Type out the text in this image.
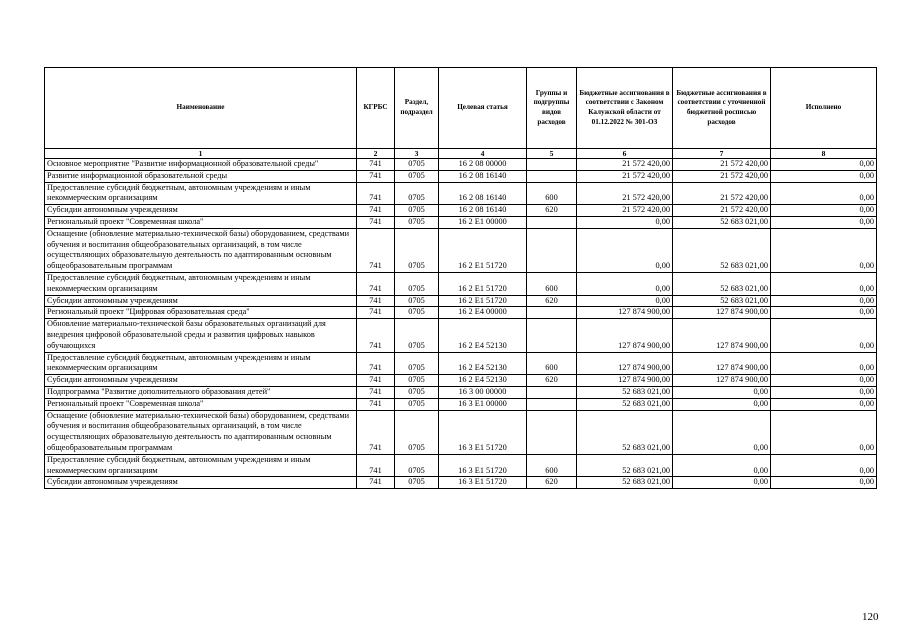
Наименование	КГРБС	Раздел, подраздел	Целевая статья	Группы и подгруппы видов расходов	Бюджетные ассигнования в соответствии с Законом Калужской области от 01.12.2022 № 301-ОЗ	Бюджетные ассигнования в соответствии с уточненной бюджетной росписью расходов	Исполнено
1	2	3	4	5	6	7	8
Основное мероприятие "Развитие информационной образовательной среды"	741	0705	16 2 08 00000		21 572 420,00	21 572 420,00	0,00
Развитие информационной образовательной среды	741	0705	16 2 08 16140		21 572 420,00	21 572 420,00	0,00
Предоставление субсидий бюджетным, автономным учреждениям и иным некоммерческим организациям	741	0705	16 2 08 16140	600	21 572 420,00	21 572 420,00	0,00
Субсидии автономным учреждениям	741	0705	16 2 08 16140	620	21 572 420,00	21 572 420,00	0,00
Региональный проект "Современная школа"	741	0705	16 2 E1 00000		0,00	52 683 021,00	0,00
Оснащение (обновление материально-технической базы) оборудованием, средствами обучения и воспитания общеобразовательных организаций, в том числе осуществляющих образовательную деятельность по адаптированным основным общеобразовательным программам	741	0705	16 2 E1 51720		0,00	52 683 021,00	0,00
Предоставление субсидий бюджетным, автономным учреждениям и иным некоммерческим организациям	741	0705	16 2 E1 51720	600	0,00	52 683 021,00	0,00
Субсидии автономным учреждениям	741	0705	16 2 E1 51720	620	0,00	52 683 021,00	0,00
Региональный проект "Цифровая образовательная среда"	741	0705	16 2 E4 00000		127 874 900,00	127 874 900,00	0,00
Обновление материально-технической базы образовательных организаций для внедрения цифровой образовательной среды и развития цифровых навыков обучающихся	741	0705	16 2 E4 52130		127 874 900,00	127 874 900,00	0,00
Предоставление субсидий бюджетным, автономным учреждениям и иным некоммерческим организациям	741	0705	16 2 E4 52130	600	127 874 900,00	127 874 900,00	0,00
Субсидии автономным учреждениям	741	0705	16 2 E4 52130	620	127 874 900,00	127 874 900,00	0,00
Подпрограмма "Развитие дополнительного образования детей"	741	0705	16 3 00 00000		52 683 021,00	0,00	0,00
Региональный проект "Современная школа"	741	0705	16 3 E1 00000		52 683 021,00	0,00	0,00
Оснащение (обновление материально-технической базы) оборудованием, средствами обучения и воспитания общеобразовательных организаций, в том числе осуществляющих образовательную деятельность по адаптированным основным общеобразовательным программам	741	0705	16 3 E1 51720		52 683 021,00	0,00	0,00
Предоставление субсидий бюджетным, автономным учреждениям и иным некоммерческим организациям	741	0705	16 3 E1 51720	600	52 683 021,00	0,00	0,00
Субсидии автономным учреждениям	741	0705	16 3 E1 51720	620	52 683 021,00	0,00	0,00
120
